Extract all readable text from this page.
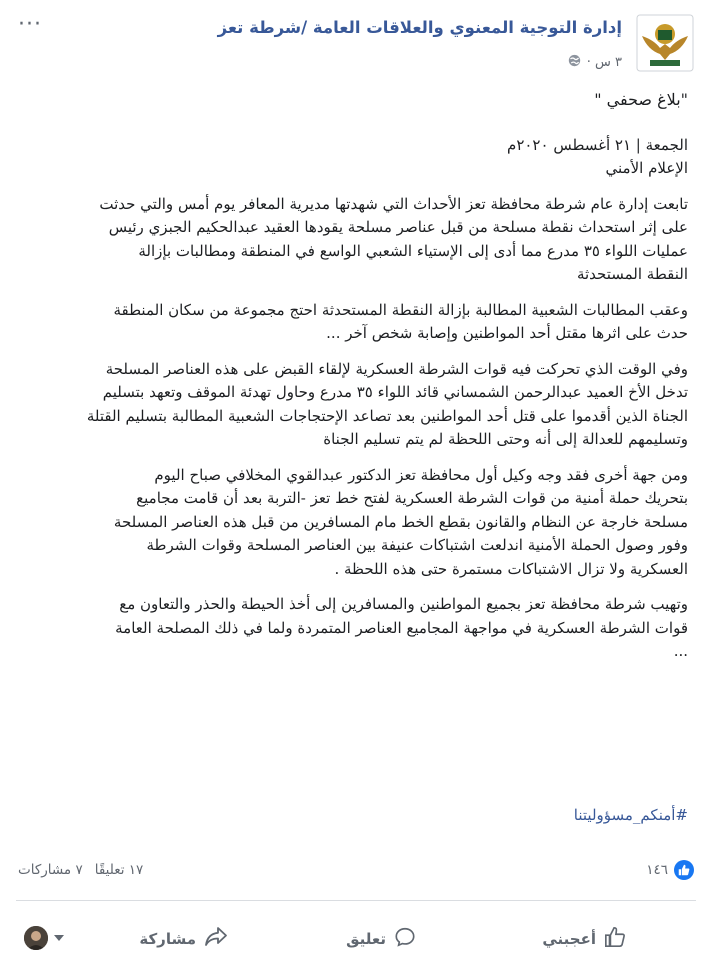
إدارة التوجية المعنوي والعلاقات العامة /شرطة تعز
٣ س ·
···

"بلاغ صحفي "

الجمعة | ٢١ أغسطس ٢٠٢٠م
الإعلام الأمني

تابعت إدارة عام شرطة محافظة تعز الأحداث التي شهدتها مديرية المعافر يوم أمس والتي حدثت
على إثر استحداث نقطة مسلحة من قبل عناصر مسلحة يقودها العقيد عبدالحكيم الجبزي رئيس
عمليات اللواء ٣٥ مدرع مما أدى إلى الإستياء الشعبي الواسع في المنطقة ومطالبات بإزالة
النقطة المستحدثة

وعقب المطالبات الشعبية المطالبة بإزالة النقطة المستحدثة احتج مجموعة من سكان المنطقة
حدث على اثرها مقتل أحد المواطنين وإصابة شخص آخر ...

وفي الوقت الذي تحركت فيه قوات الشرطة العسكرية لإلقاء القبض على هذه العناصر المسلحة
تدخل الأخ العميد عبدالرحمن الشمساني قائد اللواء ٣٥ مدرع وحاول تهدئة الموقف وتعهد بتسليم
الجناة الذين أقدموا على قتل أحد المواطنين بعد تصاعد الإحتجاجات الشعبية المطالبة بتسليم القتلة
وتسليمهم للعدالة إلى أنه وحتى اللحظة لم يتم تسليم الجناة

ومن جهة أخرى فقد وجه وكيل أول محافظة تعز الدكتور عبدالقوي المخلافي صباح اليوم
بتحريك حملة أمنية من قوات الشرطة العسكرية لفتح خط تعز -التربة بعد أن قامت مجاميع
مسلحة خارجة عن النظام والقانون بقطع الخط مام المسافرين من قبل هذه العناصر المسلحة
وفور وصول الحملة الأمنية اندلعت اشتباكات عنيفة بين العناصر المسلحة وقوات الشرطة
العسكرية ولا تزال الاشتباكات مستمرة حتى هذه اللحظة .

وتهيب شرطة محافظة تعز بجميع المواطنين والمسافرين إلى أخذ الحيطة والحذر والتعاون مع
قوات الشرطة العسكرية في مواجهة المجاميع العناصر المتمردة ولما في ذلك المصلحة العامة
...

#أمنكم_مسؤوليتنا
١٤٦
١٧ تعليقًا
٧ مشاركات
أعجبني
تعليق
مشاركة
